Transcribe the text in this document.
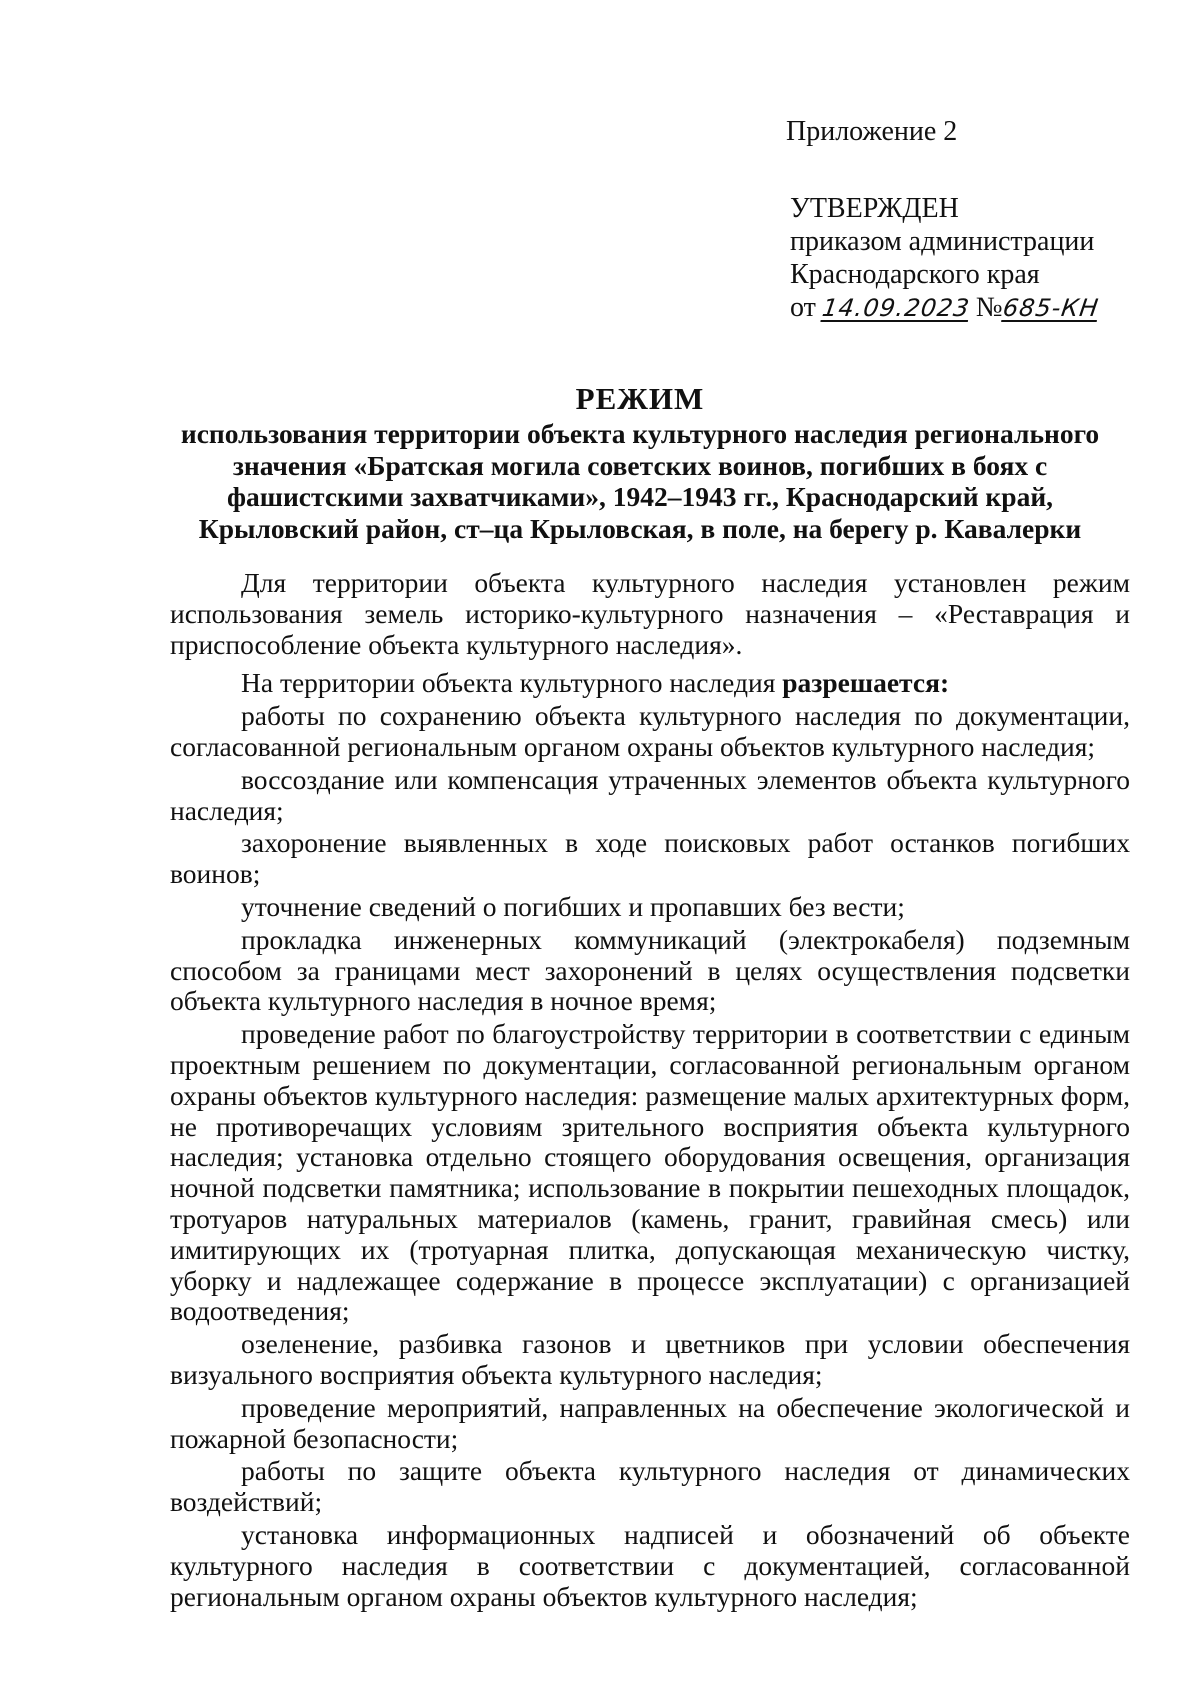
Приложение 2
УТВЕРЖДЕН
приказом администрации
Краснодарского края
от 14.09.2023 №685-КН
РЕЖИМ
использования территории объекта культурного наследия регионального значения «Братская могила советских воинов, погибших в боях с фашистскими захватчиками», 1942–1943 гг., Краснодарский край, Крыловский район, ст–ца Крыловская, в поле, на берегу р. Кавалерки

Для территории объекта культурного наследия установлен режим использования земель историко-культурного назначения – «Реставрация и приспособление объекта культурного наследия».

На территории объекта культурного наследия разрешается:

работы по сохранению объекта культурного наследия по документации, согласованной региональным органом охраны объектов культурного наследия;

воссоздание или компенсация утраченных элементов объекта культурного наследия;

захоронение выявленных в ходе поисковых работ останков погибших воинов;

уточнение сведений о погибших и пропавших без вести;

прокладка инженерных коммуникаций (электрокабеля) подземным способом за границами мест захоронений в целях осуществления подсветки объекта культурного наследия в ночное время;

проведение работ по благоустройству территории в соответствии с единым проектным решением по документации, согласованной региональным органом охраны объектов культурного наследия: размещение малых архитектурных форм, не противоречащих условиям зрительного восприятия объекта культурного наследия; установка отдельно стоящего оборудования освещения, организация ночной подсветки памятника; использование в покрытии пешеходных площадок, тротуаров натуральных материалов (камень, гранит, гравийная смесь) или имитирующих их (тротуарная плитка, допускающая механическую чистку, уборку и надлежащее содержание в процессе эксплуатации) с организацией водоотведения;

озеленение, разбивка газонов и цветников при условии обеспечения визуального восприятия объекта культурного наследия;

проведение мероприятий, направленных на обеспечение экологической и пожарной безопасности;

работы по защите объекта культурного наследия от динамических воздействий;

установка информационных надписей и обозначений об объекте культурного наследия в соответствии с документацией, согласованной региональным органом охраны объектов культурного наследия;
